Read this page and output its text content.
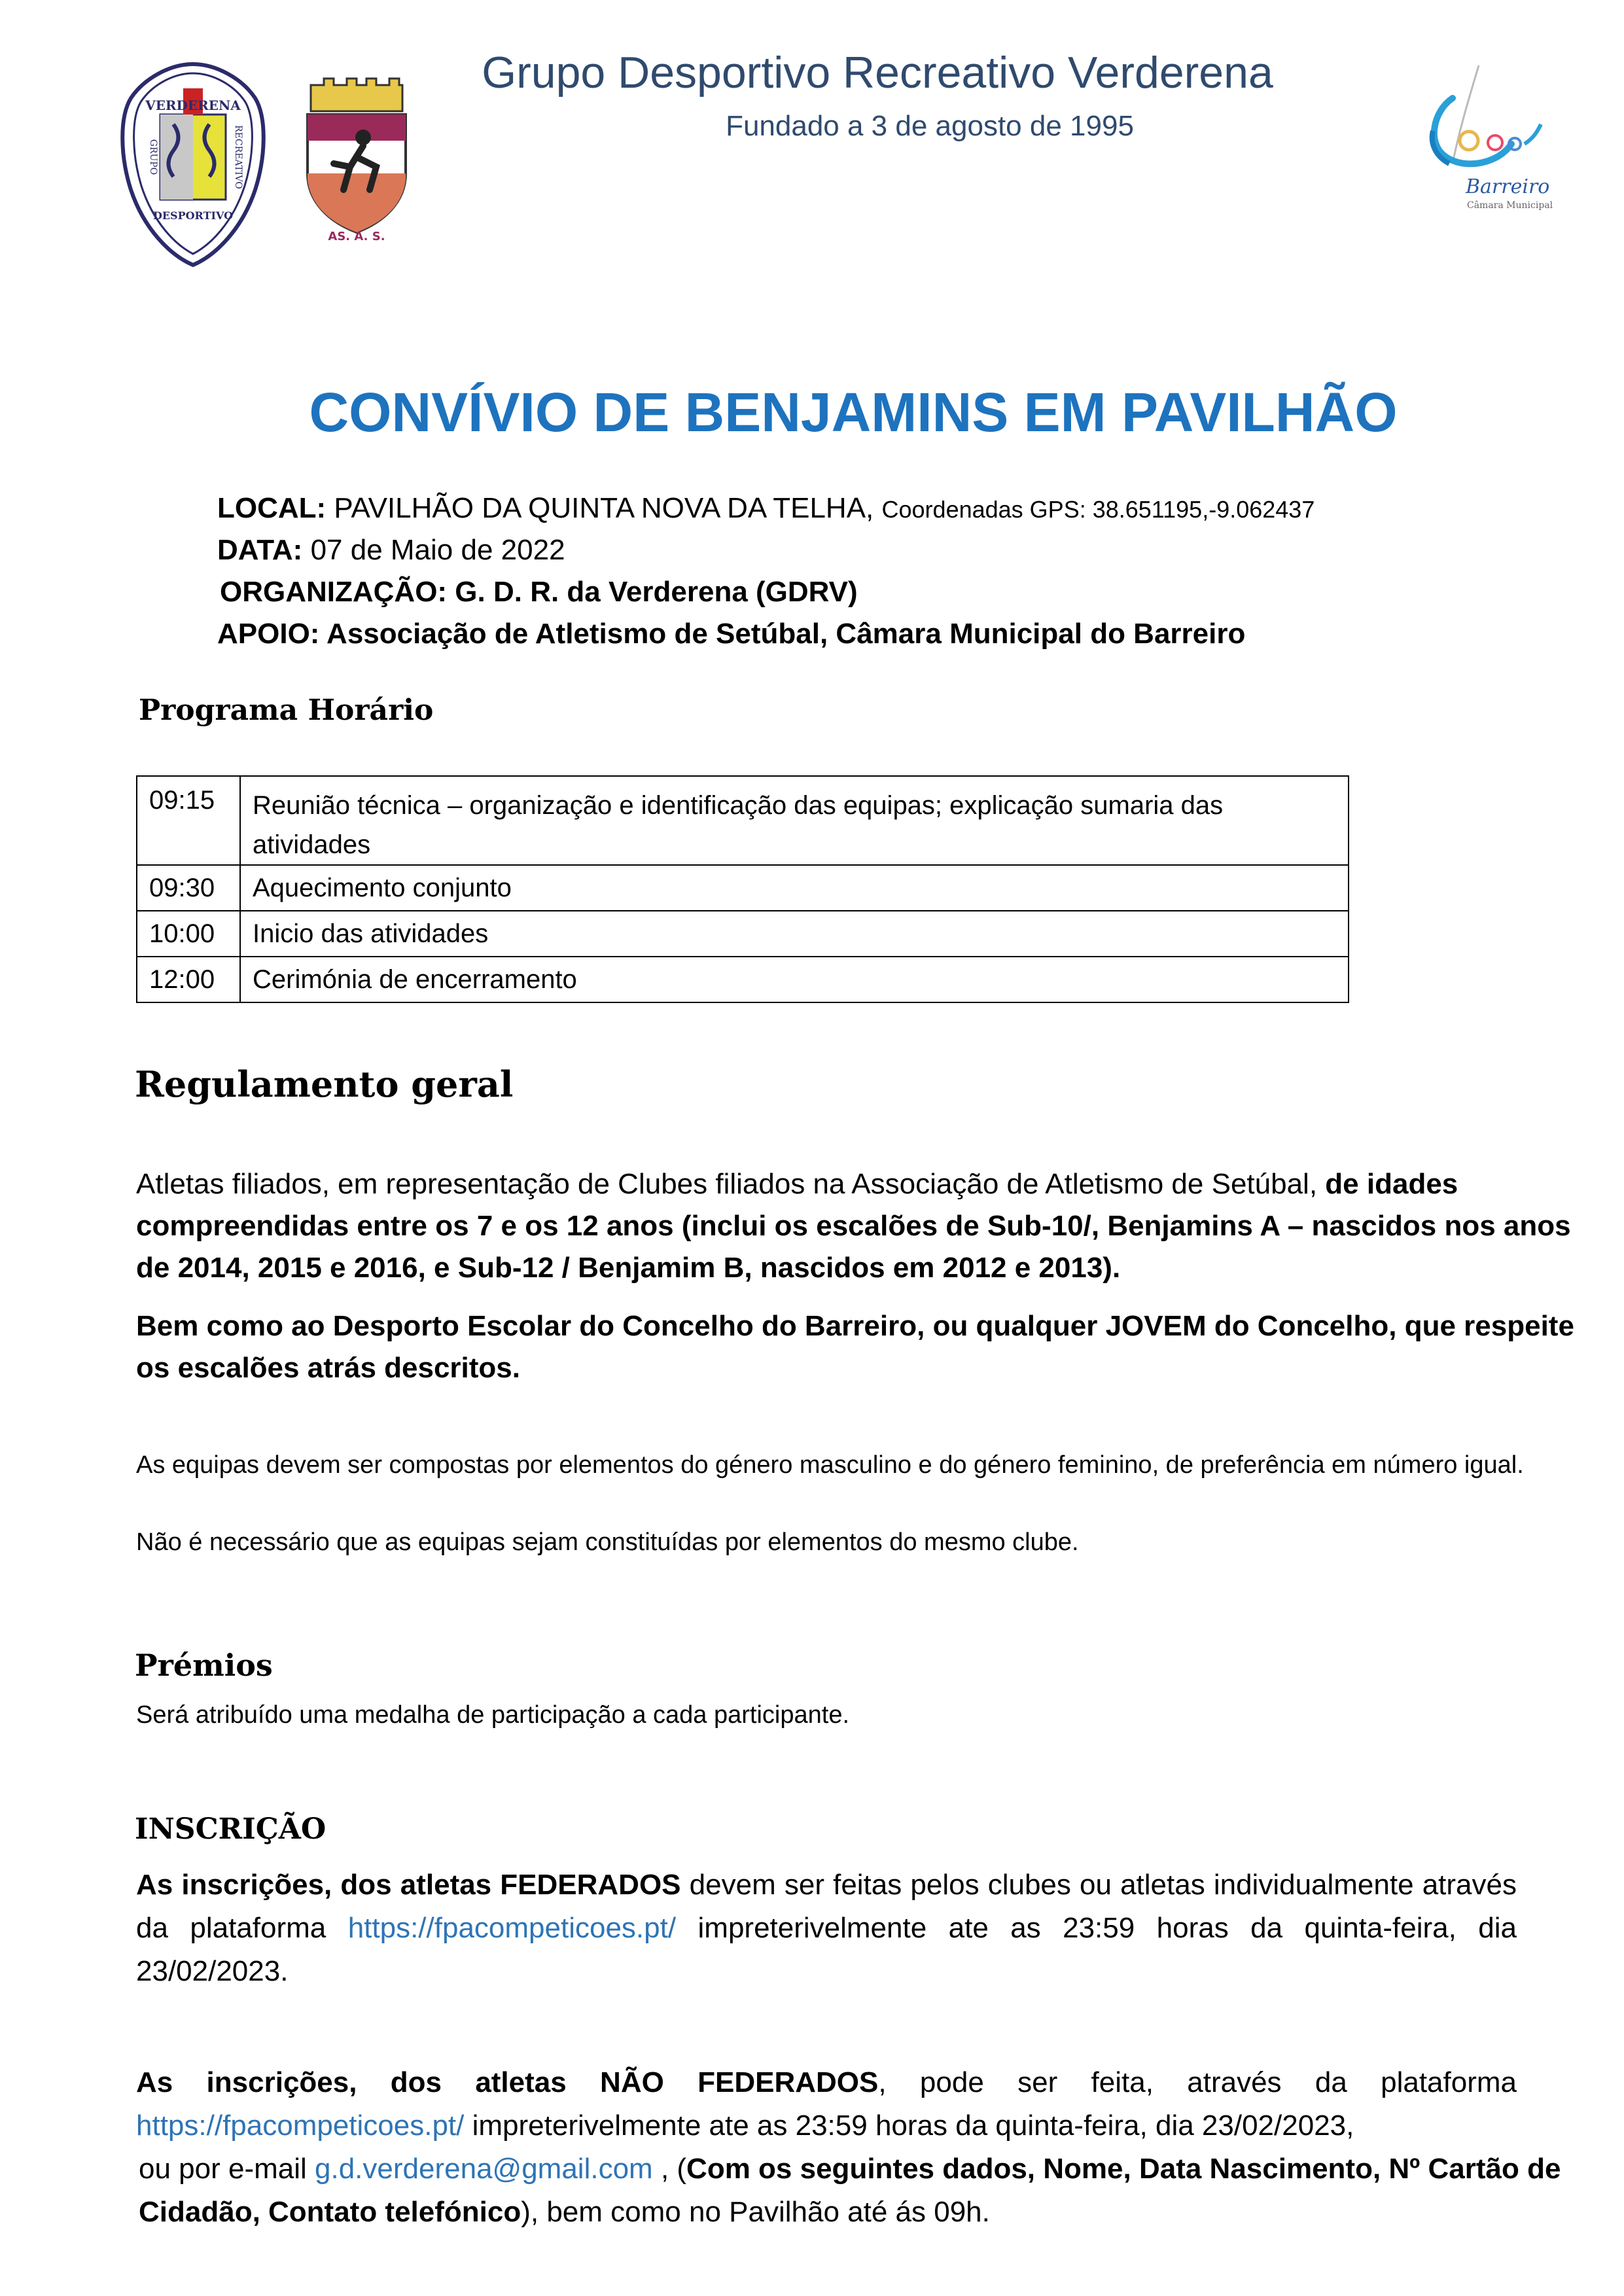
VERDERENA
GRUPO	RECREATIVO
DESPORTIVO
AS. A. S.
Barreiro
Câmara Municipal
Grupo Desportivo Recreativo Verderena
Fundado a 3 de agosto de 1995
CONVÍVIO DE BENJAMINS EM PAVILHÃO
LOCAL: PAVILHÃO DA QUINTA NOVA DA TELHA, Coordenadas GPS: 38.651195,-9.062437
DATA: 07 de Maio de 2022
ORGANIZAÇÃO: G. D. R. da Verderena (GDRV)
APOIO: Associação de Atletismo de Setúbal, Câmara Municipal do Barreiro
Programa Horário
09:15	Reunião técnica – organização e identificação das equipas; explicação sumaria das atividades
09:30	Aquecimento conjunto
10:00	Inicio das atividades
12:00	Cerimónia de encerramento
Regulamento geral
Atletas filiados, em representação de Clubes filiados na Associação de Atletismo de Setúbal, de idades compreendidas entre os 7 e os 12 anos (inclui os escalões de Sub-10/, Benjamins A – nascidos nos anos de 2014, 2015 e 2016, e Sub-12 / Benjamim B, nascidos em 2012 e 2013).
Bem como ao Desporto Escolar do Concelho do Barreiro, ou qualquer JOVEM do Concelho, que respeite os escalões atrás descritos.
As equipas devem ser compostas por elementos do género masculino e do género feminino, de preferência em número igual.
Não é necessário que as equipas sejam constituídas por elementos do mesmo clube.
Prémios
Será atribuído uma medalha de participação a cada participante.
INSCRIÇÃO
As inscrições, dos atletas FEDERADOS devem ser feitas pelos clubes ou atletas individualmente através da plataforma https://fpacompeticoes.pt/ impreterivelmente ate as 23:59 horas da quinta-feira, dia 23/02/2023.
As inscrições, dos atletas NÃO FEDERADOS, pode ser feita, através da plataforma https://fpacompeticoes.pt/ impreterivelmente ate as 23:59 horas da quinta-feira, dia 23/02/2023,
ou por e-mail g.d.verderena@gmail.com , (Com os seguintes dados, Nome, Data Nascimento, Nº Cartão de Cidadão, Contato telefónico), bem como no Pavilhão até ás 09h.
